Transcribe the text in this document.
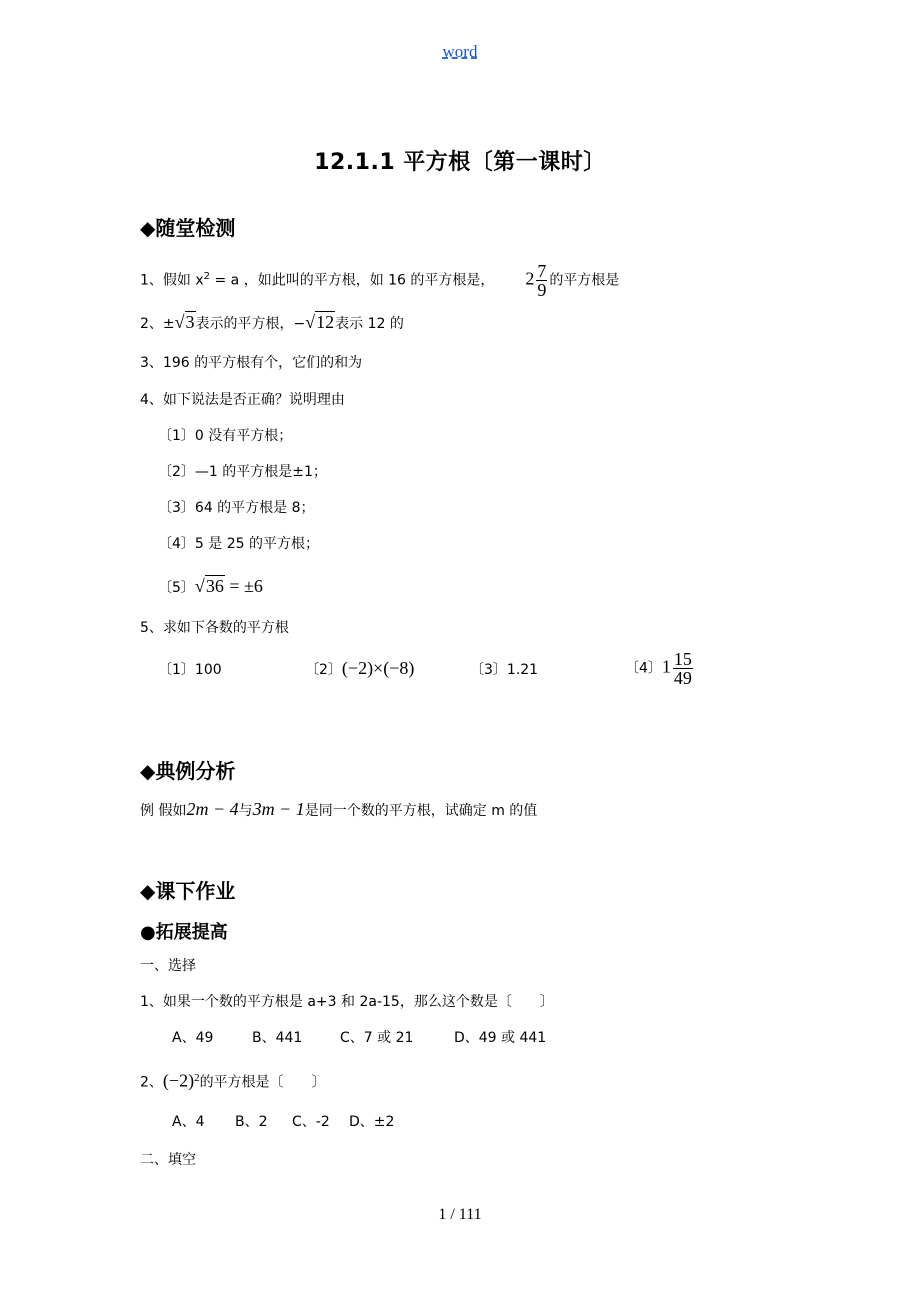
word
12.1.1 平方根〔第一课时〕
◆随堂检测
1、假如 $x^2 = a$ ，如此叫的平方根，如 16 的平方根是， $2 \frac{7}{9}$ 的平方根是
2、±√3表示的平方根，−√12表示 12 的
3、196 的平方根有个，它们的和为
4、如下说法是否正确？说明理由
〔1〕0 没有平方根；
〔2〕—1 的平方根是±1；
〔3〕64 的平方根是 8；
〔4〕5 是 25 的平方根；
〔5〕√36 = ±6
5、求如下各数的平方根
〔1〕100	〔2〕(−2)×(−8)	〔3〕1.21	〔4〕$1 \frac{15}{49}$
◆典例分析
例 假如2m − 4与3m − 1是同一个数的平方根，试确定 m 的值
◆课下作业
●拓展提高
一、选择
1、如果一个数的平方根是 a+3 和 2a-15，那么这个数是〔　　〕
A、49	B、441	C、7 或 21	D、49 或 441
2、$(-2)^2$的平方根是〔　　〕
A、4 B、2 C、-2 D、±2
二、填空
1 / 111
